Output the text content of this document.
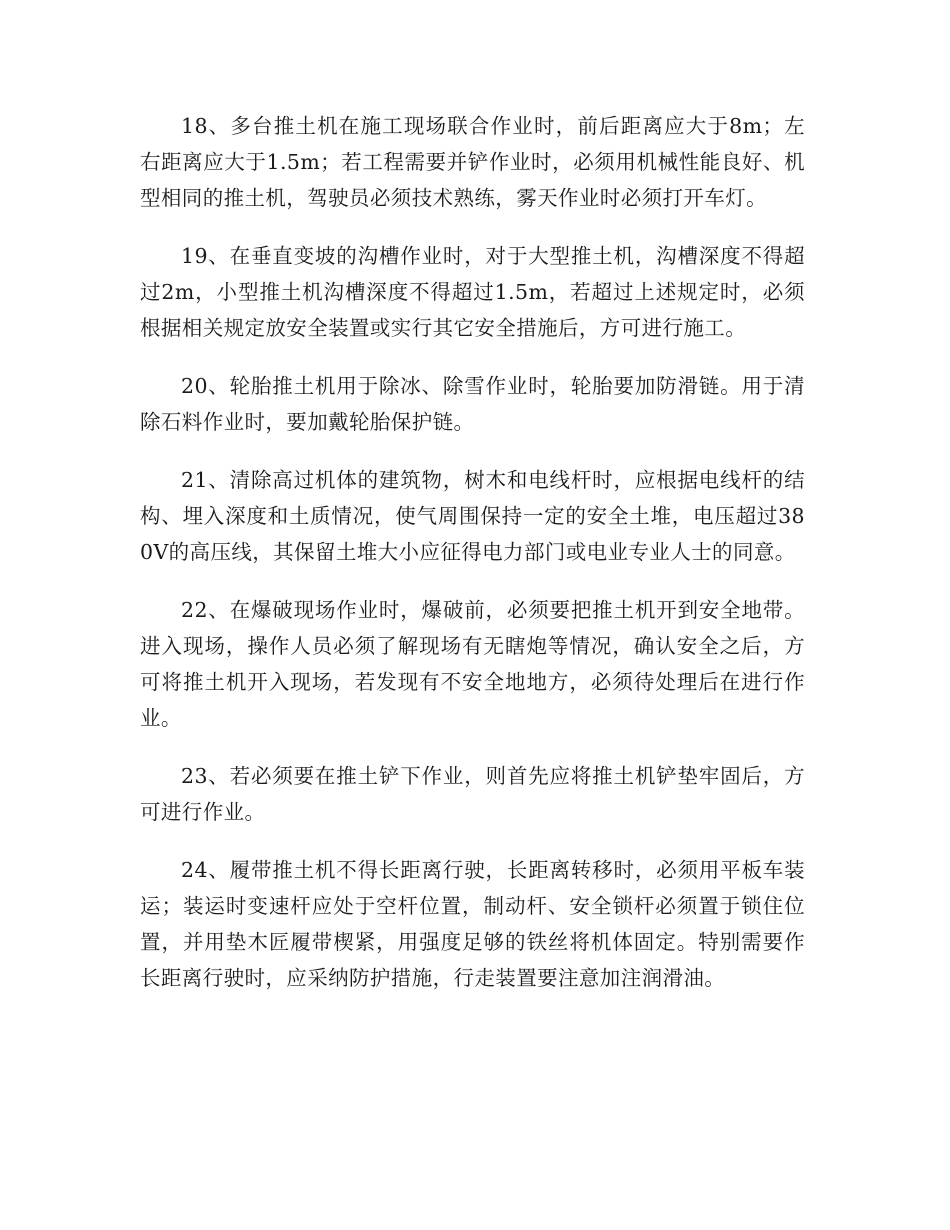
18、多台推土机在施工现场联合作业时，前后距离应大于8m；左右距离应大于1.5m；若工程需要并铲作业时，必须用机械性能良好、机型相同的推土机，驾驶员必须技术熟练，雾天作业时必须打开车灯。

19、在垂直变坡的沟槽作业时，对于大型推土机，沟槽深度不得超过2m，小型推土机沟槽深度不得超过1.5m，若超过上述规定时，必须根据相关规定放安全装置或实行其它安全措施后，方可进行施工。

20、轮胎推土机用于除冰、除雪作业时，轮胎要加防滑链。用于清除石料作业时，要加戴轮胎保护链。

21、清除高过机体的建筑物，树木和电线杆时，应根据电线杆的结构、埋入深度和土质情况，使气周围保持一定的安全土堆，电压超过380V的高压线，其保留土堆大小应征得电力部门或电业专业人士的同意。

22、在爆破现场作业时，爆破前，必须要把推土机开到安全地带。进入现场，操作人员必须了解现场有无瞎炮等情况，确认安全之后，方可将推土机开入现场，若发现有不安全地地方，必须待处理后在进行作业。

23、若必须要在推土铲下作业，则首先应将推土机铲垫牢固后，方可进行作业。

24、履带推土机不得长距离行驶，长距离转移时，必须用平板车装运；装运时变速杆应处于空杆位置，制动杆、安全锁杆必须置于锁住位置，并用垫木匠履带楔紧，用强度足够的铁丝将机体固定。特别需要作长距离行驶时，应采纳防护措施，行走装置要注意加注润滑油。
